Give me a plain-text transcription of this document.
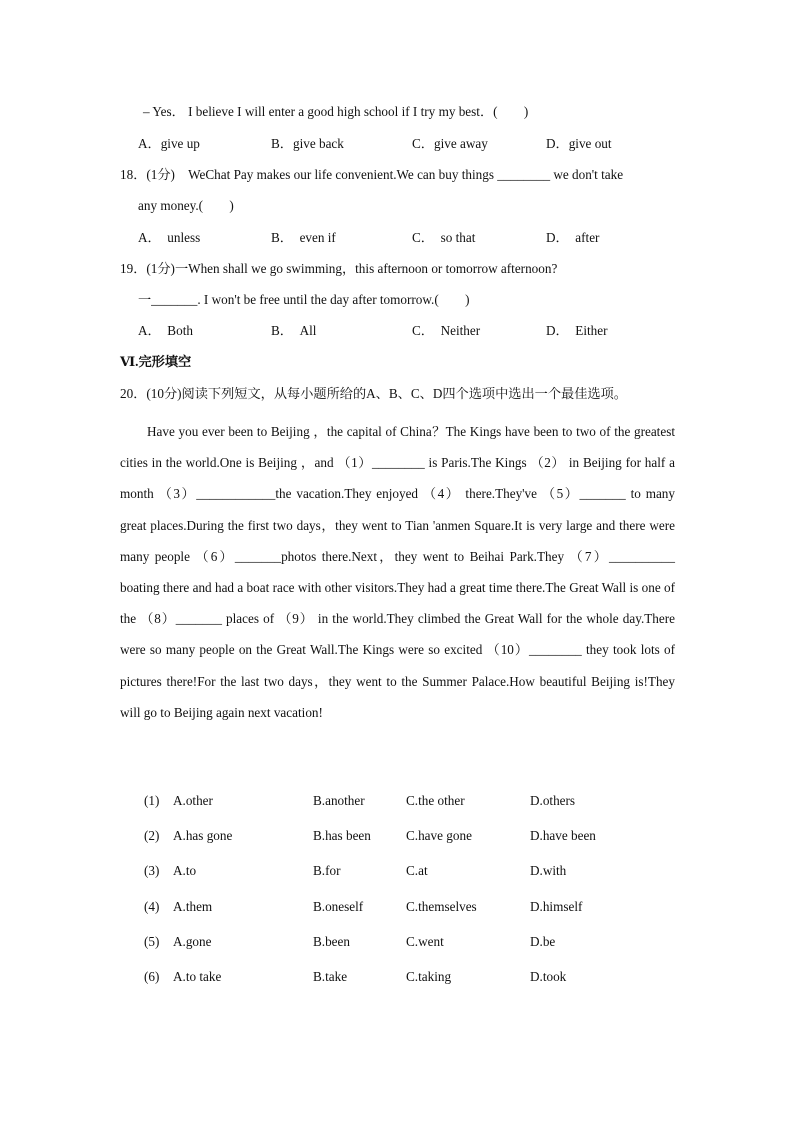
– Yes． I believe I will enter a good high school if I try my best．(　　)
A．give up	B．give back	C．give away	D．give out
18．(1分)　WeChat Pay makes our life convenient.We can buy things ________ we don't take
any money.(　　)
A．　unless	B．　even if	C．　so that	D．　after
19．(1分)一When shall we go swimming，this afternoon or tomorrow afternoon?
一_______. I won't be free until the day after tomorrow.(　　)
A．　Both	B．　All	C．　Neither	D．　Either
Ⅵ.完形填空
20．(10分)阅读下列短文，从每小题所给的A、B、C、D四个选项中选出一个最佳选项。
Have you ever been to Beijing ，the capital of China？The Kings have been to two of the greatest cities in the world.One is Beijing ，and （1）________ is Paris.The Kings （2） in Beijing for half a month （3）____________the vacation.They enjoyed （4） there.They've （5）_______ to many great places.During the first two days，they went to Tian 'anmen Square.It is very large and there were many people （6）_______photos there.Next，they went to Beihai Park.They （7）__________ boating there and had a boat race with other visitors.They had a great time there.The Great Wall is one of the （8）_______ places of （9） in the world.They climbed the Great Wall for the whole day.There were so many people on the Great Wall.The Kings were so excited （10）________ they took lots of pictures there!For the last two days，they went to the Summer Palace.How beautiful Beijing is!They will go to Beijing again next vacation!
(1) A.other	B.another	C.the other	D.others
(2) A.has gone	B.has been	C.have gone	D.have been
(3) A.to	B.for	C.at	D.with
(4) A.them	B.oneself	C.themselves	D.himself
(5) A.gone	B.been	C.went	D.be
(6) A.to take	B.take	C.taking	D.took
